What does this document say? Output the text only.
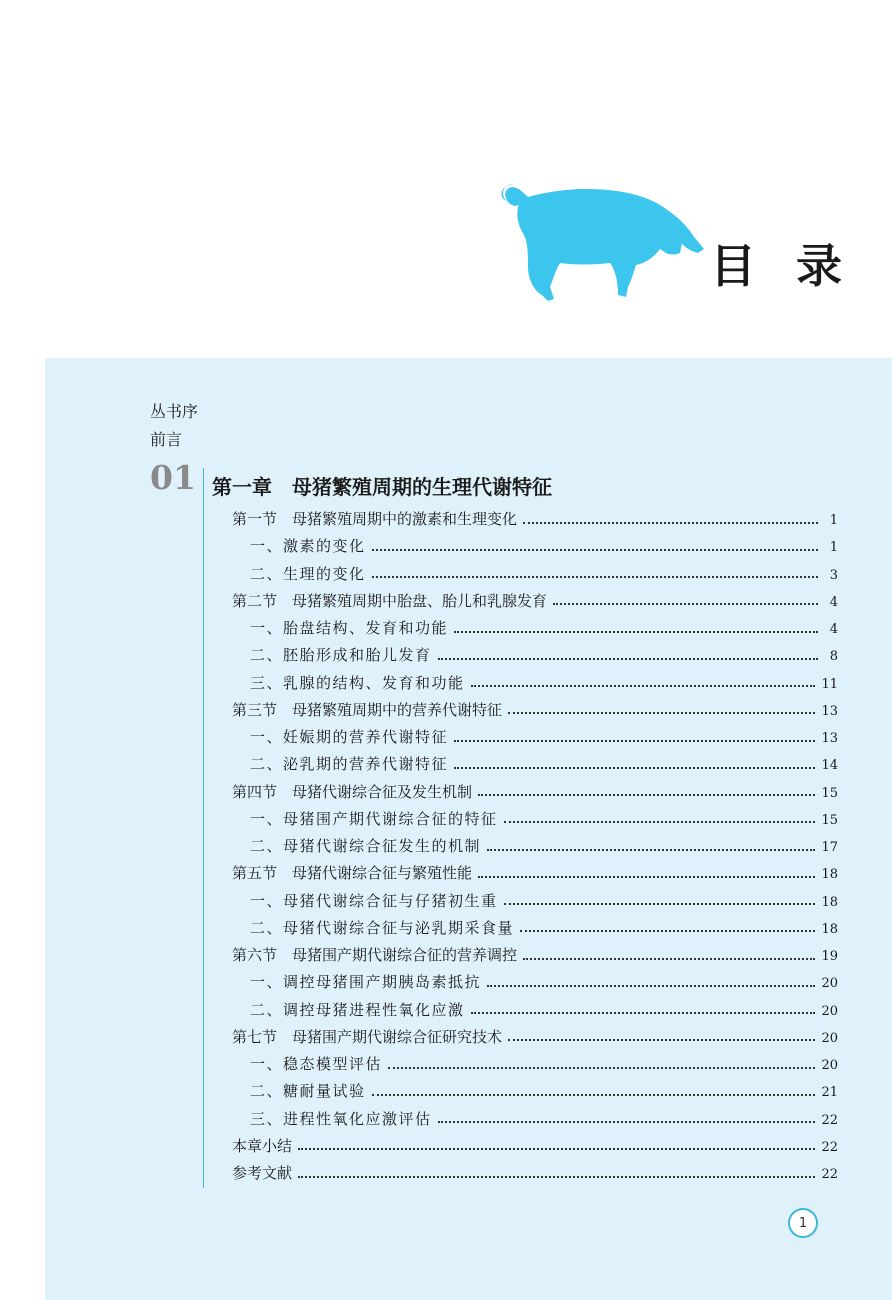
目录
丛书序
前言
01 第一章　母猪繁殖周期的生理代谢特征
第一节　母猪繁殖周期中的激素和生理变化	1
一、激素的变化	1
二、生理的变化	3
第二节　母猪繁殖周期中胎盘、胎儿和乳腺发育	4
一、胎盘结构、发育和功能	4
二、胚胎形成和胎儿发育	8
三、乳腺的结构、发育和功能	11
第三节　母猪繁殖周期中的营养代谢特征	13
一、妊娠期的营养代谢特征	13
二、泌乳期的营养代谢特征	14
第四节　母猪代谢综合征及发生机制	15
一、母猪围产期代谢综合征的特征	15
二、母猪代谢综合征发生的机制	17
第五节　母猪代谢综合征与繁殖性能	18
一、母猪代谢综合征与仔猪初生重	18
二、母猪代谢综合征与泌乳期采食量	18
第六节　母猪围产期代谢综合征的营养调控	19
一、调控母猪围产期胰岛素抵抗	20
二、调控母猪进程性氧化应激	20
第七节　母猪围产期代谢综合征研究技术	20
一、稳态模型评估	20
二、糖耐量试验	21
三、进程性氧化应激评估	22
本章小结	22
参考文献	22
1
